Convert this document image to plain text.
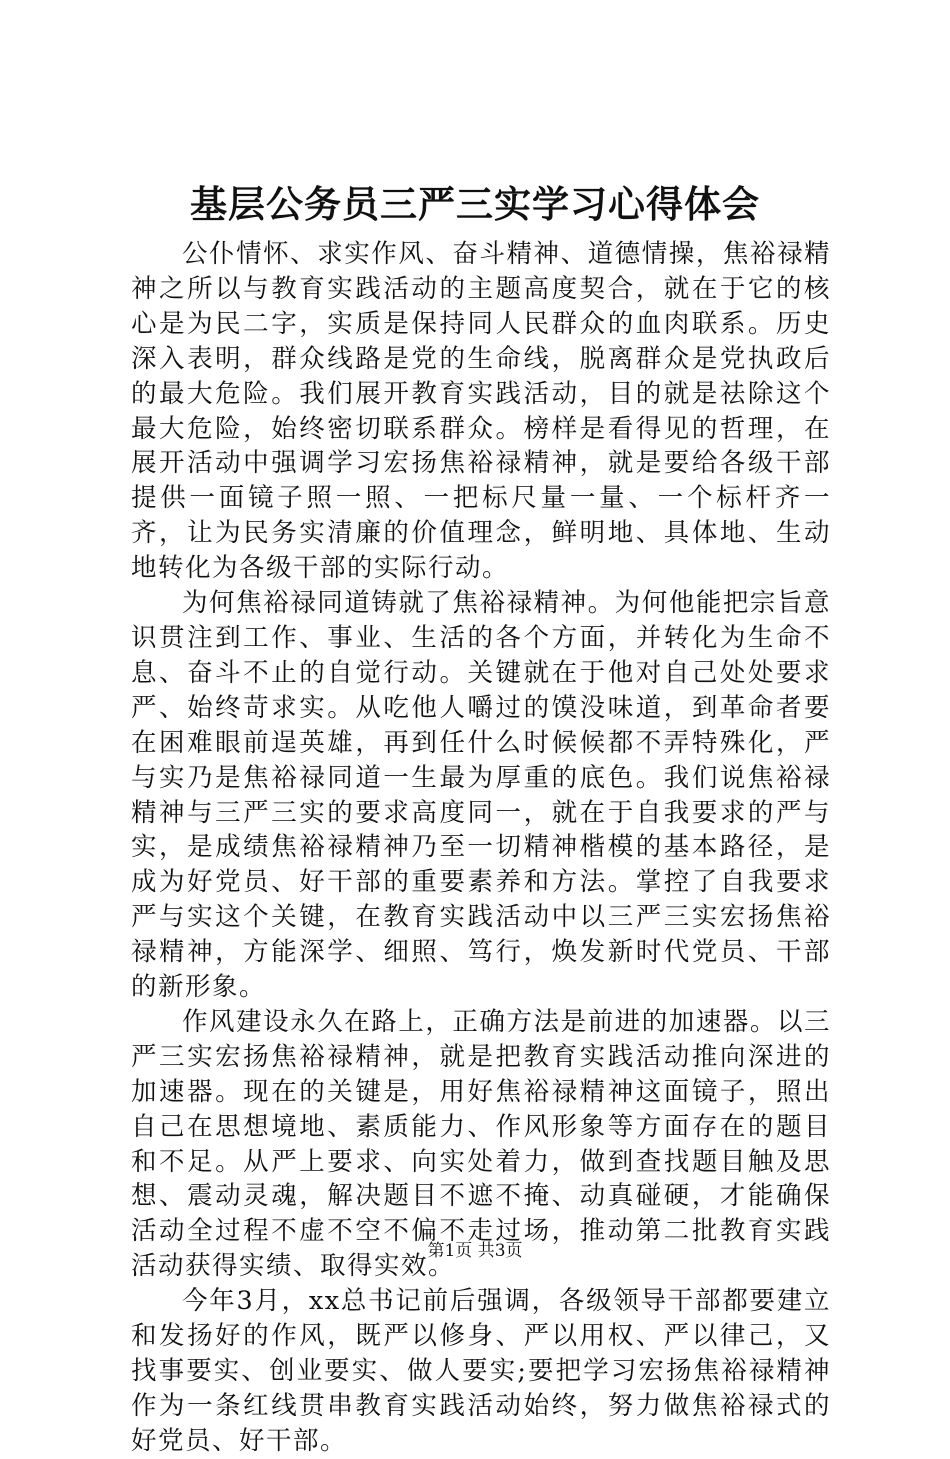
基层公务员三严三实学习心得体会

公仆情怀、求实作风、奋斗精神、道德情操，焦裕禄精神之所以与教育实践活动的主题高度契合，就在于它的核心是为民二字，实质是保持同人民群众的血肉联系。历史深入表明，群众线路是党的生命线，脱离群众是党执政后的最大危险。我们展开教育实践活动，目的就是祛除这个最大危险，始终密切联系群众。榜样是看得见的哲理，在展开活动中强调学习宏扬焦裕禄精神，就是要给各级干部提供一面镜子照一照、一把标尺量一量、一个标杆齐一齐，让为民务实清廉的价值理念，鲜明地、具体地、生动地转化为各级干部的实际行动。

为何焦裕禄同道铸就了焦裕禄精神。为何他能把宗旨意识贯注到工作、事业、生活的各个方面，并转化为生命不息、奋斗不止的自觉行动。关键就在于他对自己处处要求严、始终苛求实。从吃他人嚼过的馍没味道，到革命者要在困难眼前逞英雄，再到任什么时候候都不弄特殊化，严与实乃是焦裕禄同道一生最为厚重的底色。我们说焦裕禄精神与三严三实的要求高度同一，就在于自我要求的严与实，是成绩焦裕禄精神乃至一切精神楷模的基本路径，是成为好党员、好干部的重要素养和方法。掌控了自我要求严与实这个关键，在教育实践活动中以三严三实宏扬焦裕禄精神，方能深学、细照、笃行，焕发新时代党员、干部的新形象。

作风建设永久在路上，正确方法是前进的加速器。以三严三实宏扬焦裕禄精神，就是把教育实践活动推向深进的加速器。现在的关键是，用好焦裕禄精神这面镜子，照出自己在思想境地、素质能力、作风形象等方面存在的题目和不足。从严上要求、向实处着力，做到查找题目触及思想、震动灵魂，解决题目不遮不掩、动真碰硬，才能确保活动全过程不虚不空不偏不走过场，推动第二批教育实践活动获得实绩、取得实效。

今年3月，xx总书记前后强调，各级领导干部都要建立和发扬好的作风，既严以修身、严以用权、严以律己，又找事要实、创业要实、做人要实;要把学习宏扬焦裕禄精神作为一条红线贯串教育实践活动始终，努力做焦裕禄式的好党员、好干部。

第1页 共3页
